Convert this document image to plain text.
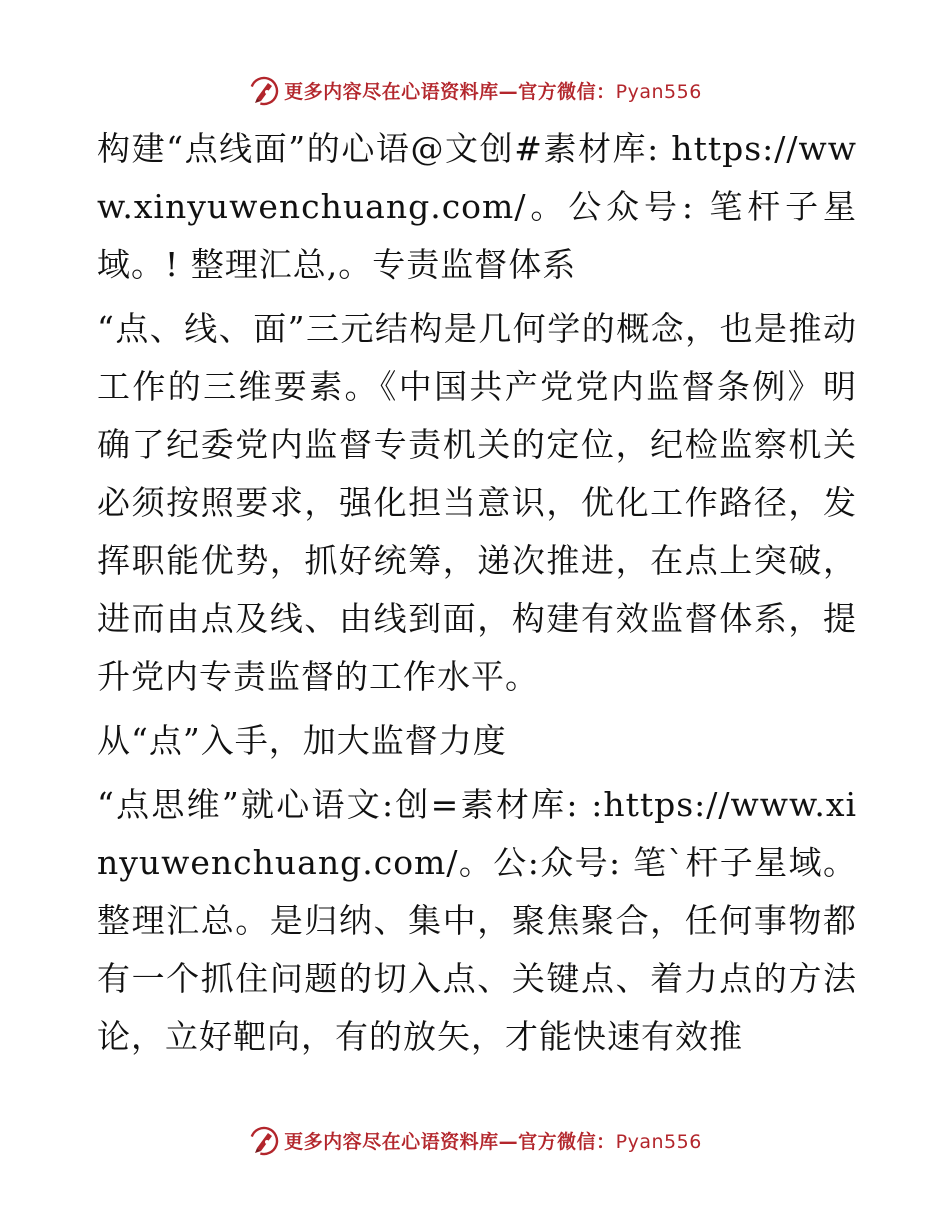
更多内容尽在心语资料库—官方微信：Pyan556

构建“点线面”的心语@文创#素材库: https://www.xinyuwenchuang.com/。公众号: 笔杆子星域。! 整理汇总,。专责监督体系

“点、线、面”三元结构是几何学的概念，也是推动工作的三维要素。《中国共产党党内监督条例》明确了纪委党内监督专责机关的定位，纪检监察机关必须按照要求，强化担当意识，优化工作路径，发挥职能优势，抓好统筹，递次推进，在点上突破，进而由点及线、由线到面，构建有效监督体系，提升党内专责监督的工作水平。

从“点”入手，加大监督力度

“点思维”就心语文:创=素材库: :https://www.xinyuwenchuang.com/。公:众号: 笔`杆子星域。整理汇总。是归纳、集中，聚焦聚合，任何事物都有一个抓住问题的切入点、关键点、着力点的方法论，立好靶向，有的放矢，才能快速有效推

更多内容尽在心语资料库—官方微信：Pyan556
